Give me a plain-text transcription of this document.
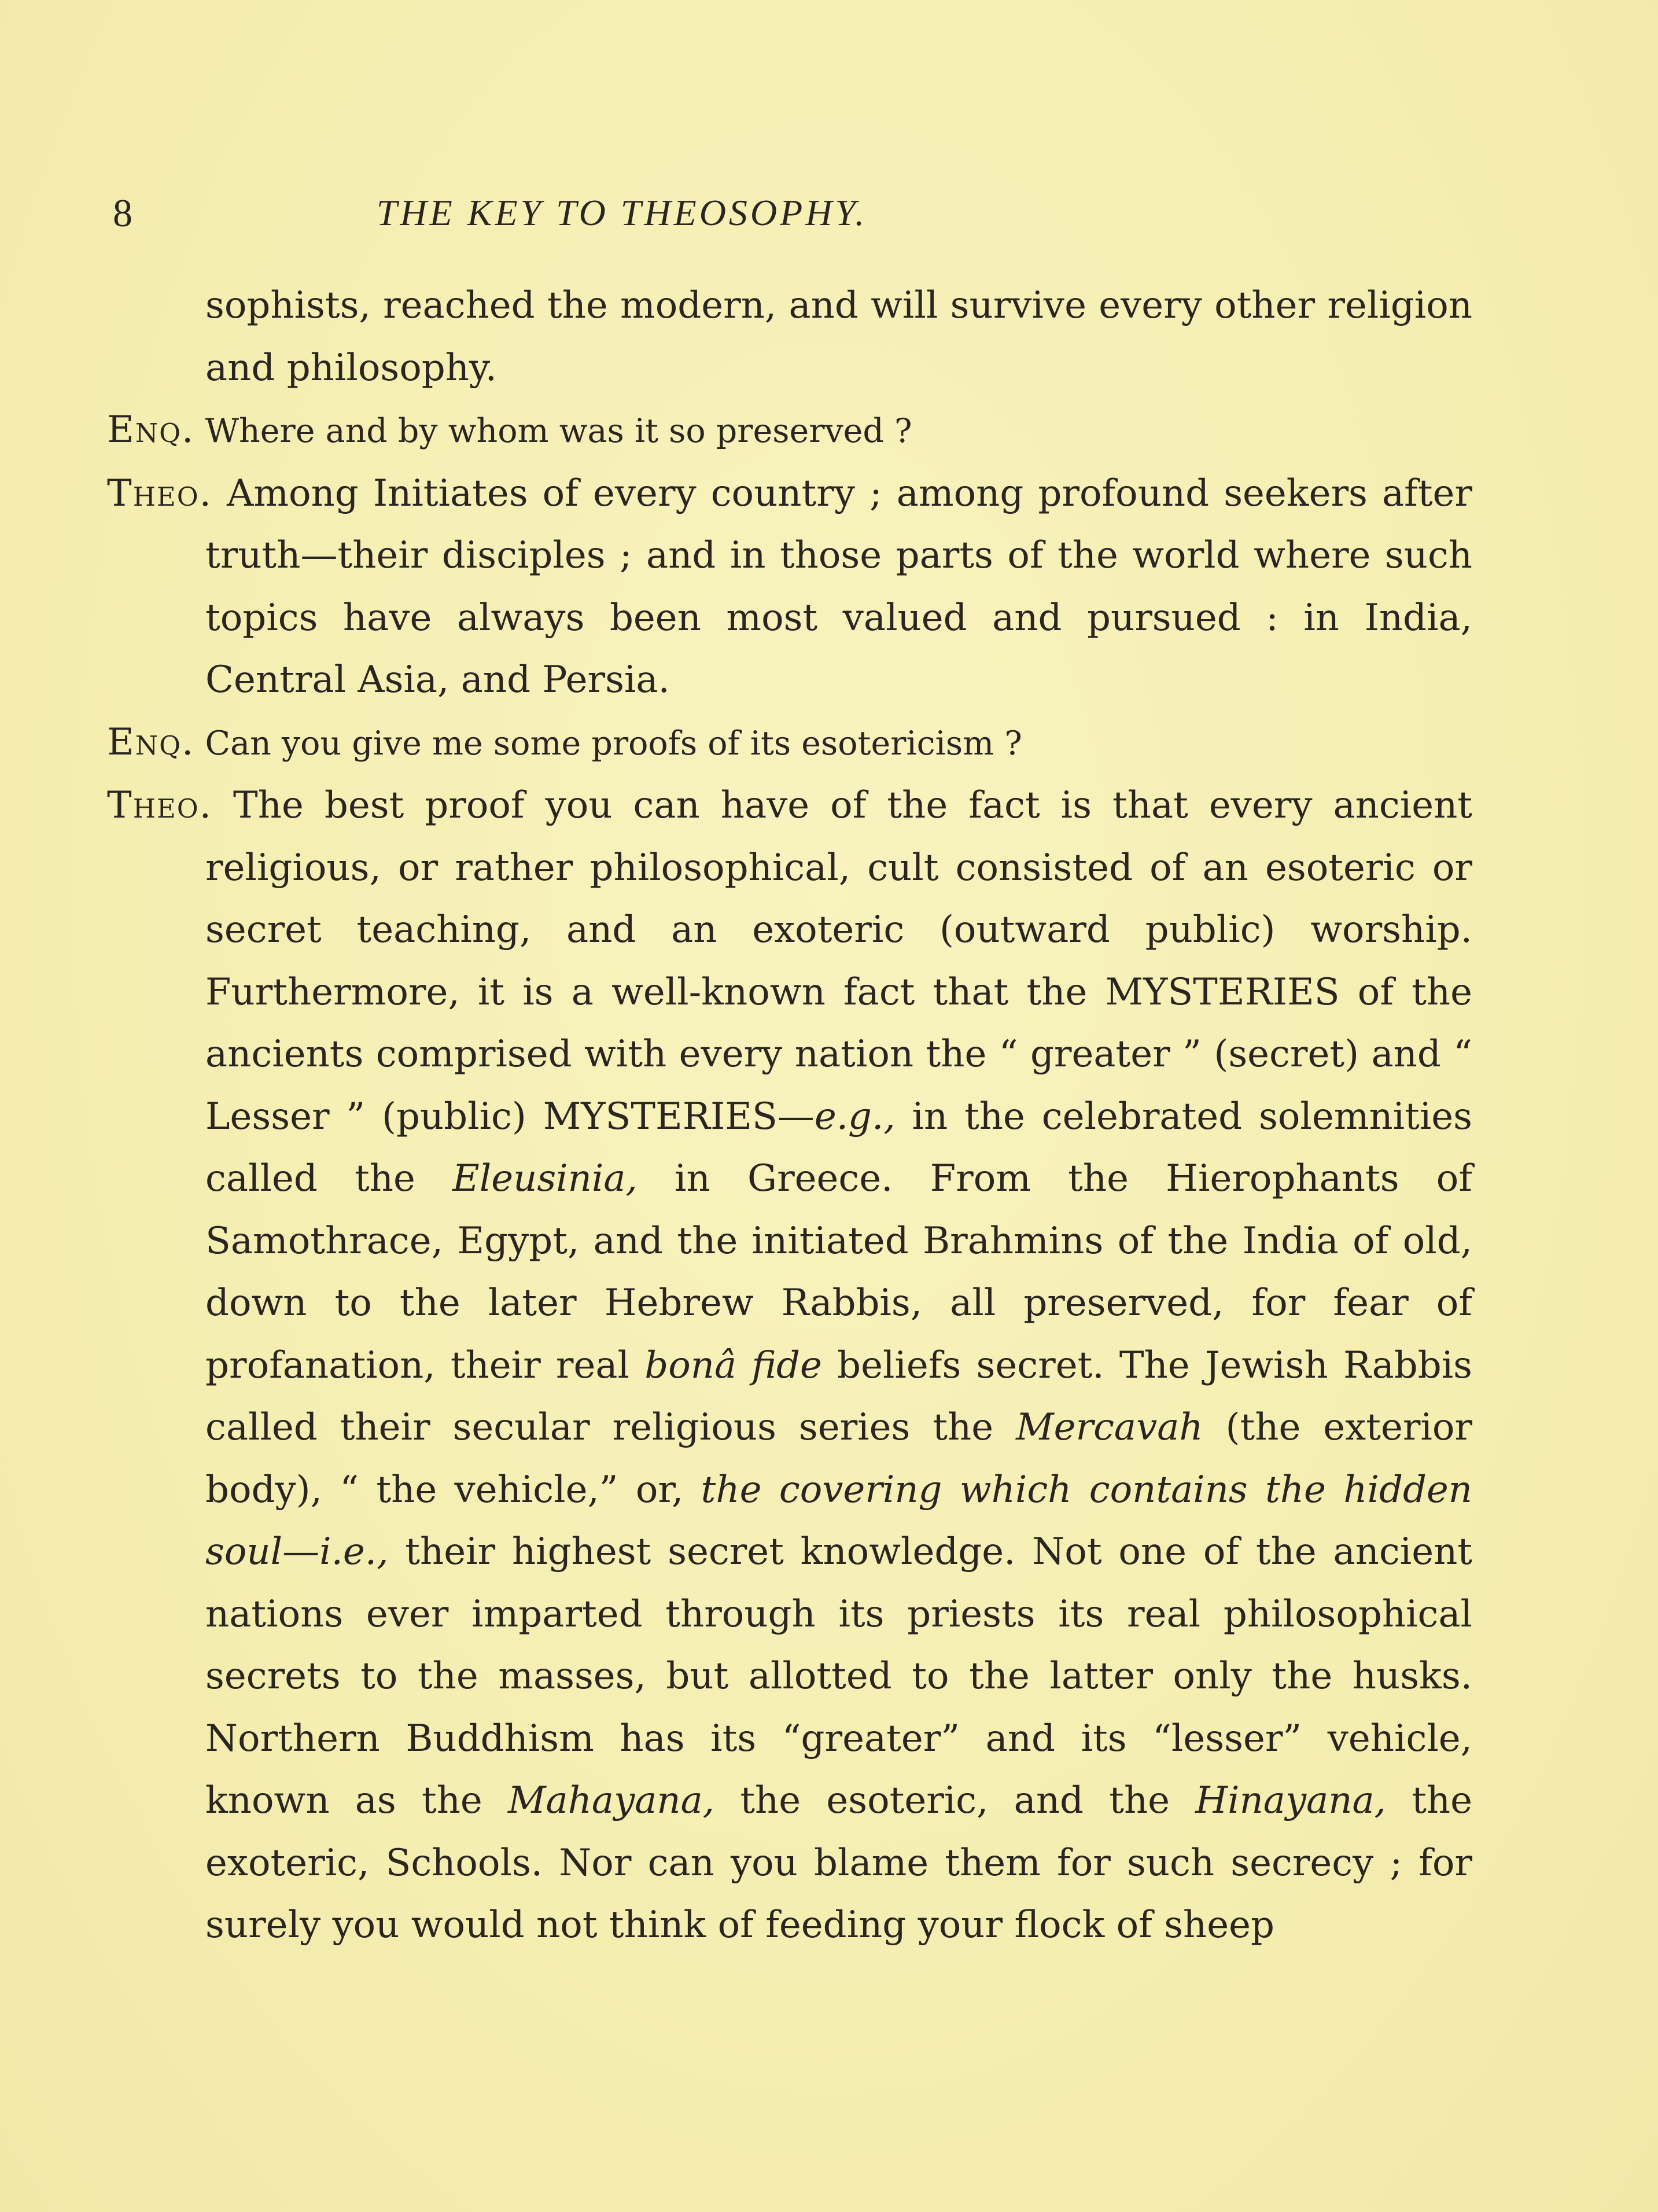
8	THE KEY TO THEOSOPHY.

sophists, reached the modern, and will survive every other religion and philosophy.

Enq. Where and by whom was it so preserved ?

Theo. Among Initiates of every country ; among profound seekers after truth—their disciples ; and in those parts of the world where such topics have always been most valued and pursued : in India, Central Asia, and Persia.

Enq. Can you give me some proofs of its esotericism ?

Theo. The best proof you can have of the fact is that every ancient religious, or rather philosophical, cult consisted of an esoteric or secret teaching, and an exoteric (outward public) worship. Furthermore, it is a well-known fact that the MYSTERIES of the ancients comprised with every nation the “ greater ” (secret) and “ Lesser ” (public) MYSTERIES—e.g., in the celebrated solemnities called the Eleusinia, in Greece. From the Hierophants of Samothrace, Egypt, and the initiated Brahmins of the India of old, down to the later Hebrew Rabbis, all preserved, for fear of profanation, their real bonâ fide beliefs secret. The Jewish Rabbis called their secular religious series the Mercavah (the exterior body), “ the vehicle,” or, the covering which contains the hidden soul—i.e., their highest secret knowledge. Not one of the ancient nations ever imparted through its priests its real philosophical secrets to the masses, but allotted to the latter only the husks. Northern Buddhism has its “greater” and its “lesser” vehicle, known as the Mahayana, the esoteric, and the Hinayana, the exoteric, Schools. Nor can you blame them for such secrecy ; for surely you would not think of feeding your flock of sheep
